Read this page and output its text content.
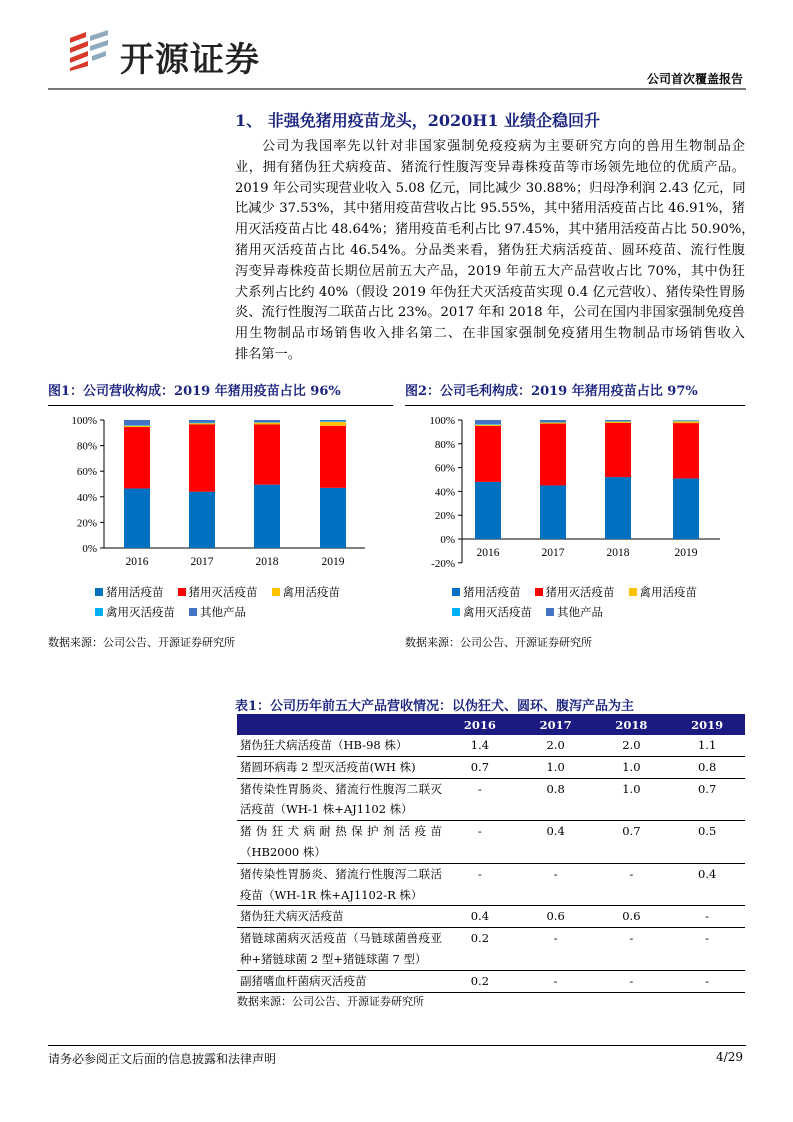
开源证券	公司首次覆盖报告
1、 非强免猪用疫苗龙头，2020H1 业绩企稳回升
公司为我国率先以针对非国家强制免疫疫病为主要研究方向的兽用生物制品企
业，拥有猪伪狂犬病疫苗、猪流行性腹泻变异毒株疫苗等市场领先地位的优质产品。
2019 年公司实现营业收入 5.08 亿元，同比减少 30.88%；归母净利润 2.43 亿元，同
比减少 37.53%，其中猪用疫苗营收占比 95.55%，其中猪用活疫苗占比 46.91%，猪
用灭活疫苗占比 48.64%；猪用疫苗毛利占比 97.45%，其中猪用活疫苗占比 50.90%，
猪用灭活疫苗占比 46.54%。分品类来看，猪伪狂犬病活疫苗、圆环疫苗、流行性腹
泻变异毒株疫苗长期位居前五大产品，2019 年前五大产品营收占比 70%，其中伪狂
犬系列占比约 40%（假设 2019 年伪狂犬灭活疫苗实现 0.4 亿元营收）、猪传染性胃肠
炎、流行性腹泻二联苗占比 23%。2017 年和 2018 年，公司在国内非国家强制免疫兽
用生物制品市场销售收入排名第二、在非国家强制免疫猪用生物制品市场销售收入
排名第一。
图1：公司营收构成：2019 年猪用疫苗占比 96%	图2：公司毛利构成：2019 年猪用疫苗占比 97%
0%
20%
40%
60%
80%
100%
2016	2017	2018	2019	-20%
0%
20%
40%
60%
80%
100%
2016	2017	2018	2019
猪用活疫苗 猪用灭活疫苗 禽用活疫苗
禽用灭活疫苗 其他产品
猪用活疫苗 猪用灭活疫苗 禽用活疫苗
禽用灭活疫苗 其他产品
数据来源：公司公告、开源证券研究所	数据来源：公司公告、开源证券研究所
表1：公司历年前五大产品营收情况：以伪狂犬、圆环、腹泻产品为主
	2016	2017	2018	2019
猪伪狂犬病活疫苗（HB-98 株）	1.4	2.0	2.0	1.1
猪圆环病毒 2 型灭活疫苗(WH 株)	0.7	1.0	1.0	0.8
猪传染性胃肠炎、猪流行性腹泻二联灭活疫苗（WH-1 株+AJ1102 株）	-	0.8	1.0	0.7
猪伪狂犬病耐热保护剂活疫苗（HB2000 株）	-	0.4	0.7	0.5
猪传染性胃肠炎、猪流行性腹泻二联活疫苗（WH-1R 株+AJ1102-R 株）	-	-	-	0.4
猪伪狂犬病灭活疫苗	0.4	0.6	0.6	-
猪链球菌病灭活疫苗（马链球菌兽疫亚种+猪链球菌 2 型+猪链球菌 7 型）	0.2	-	-	-
副猪嗜血杆菌病灭活疫苗	0.2	-	-	-
数据来源：公司公告、开源证券研究所
请务必参阅正文后面的信息披露和法律声明	4/29
